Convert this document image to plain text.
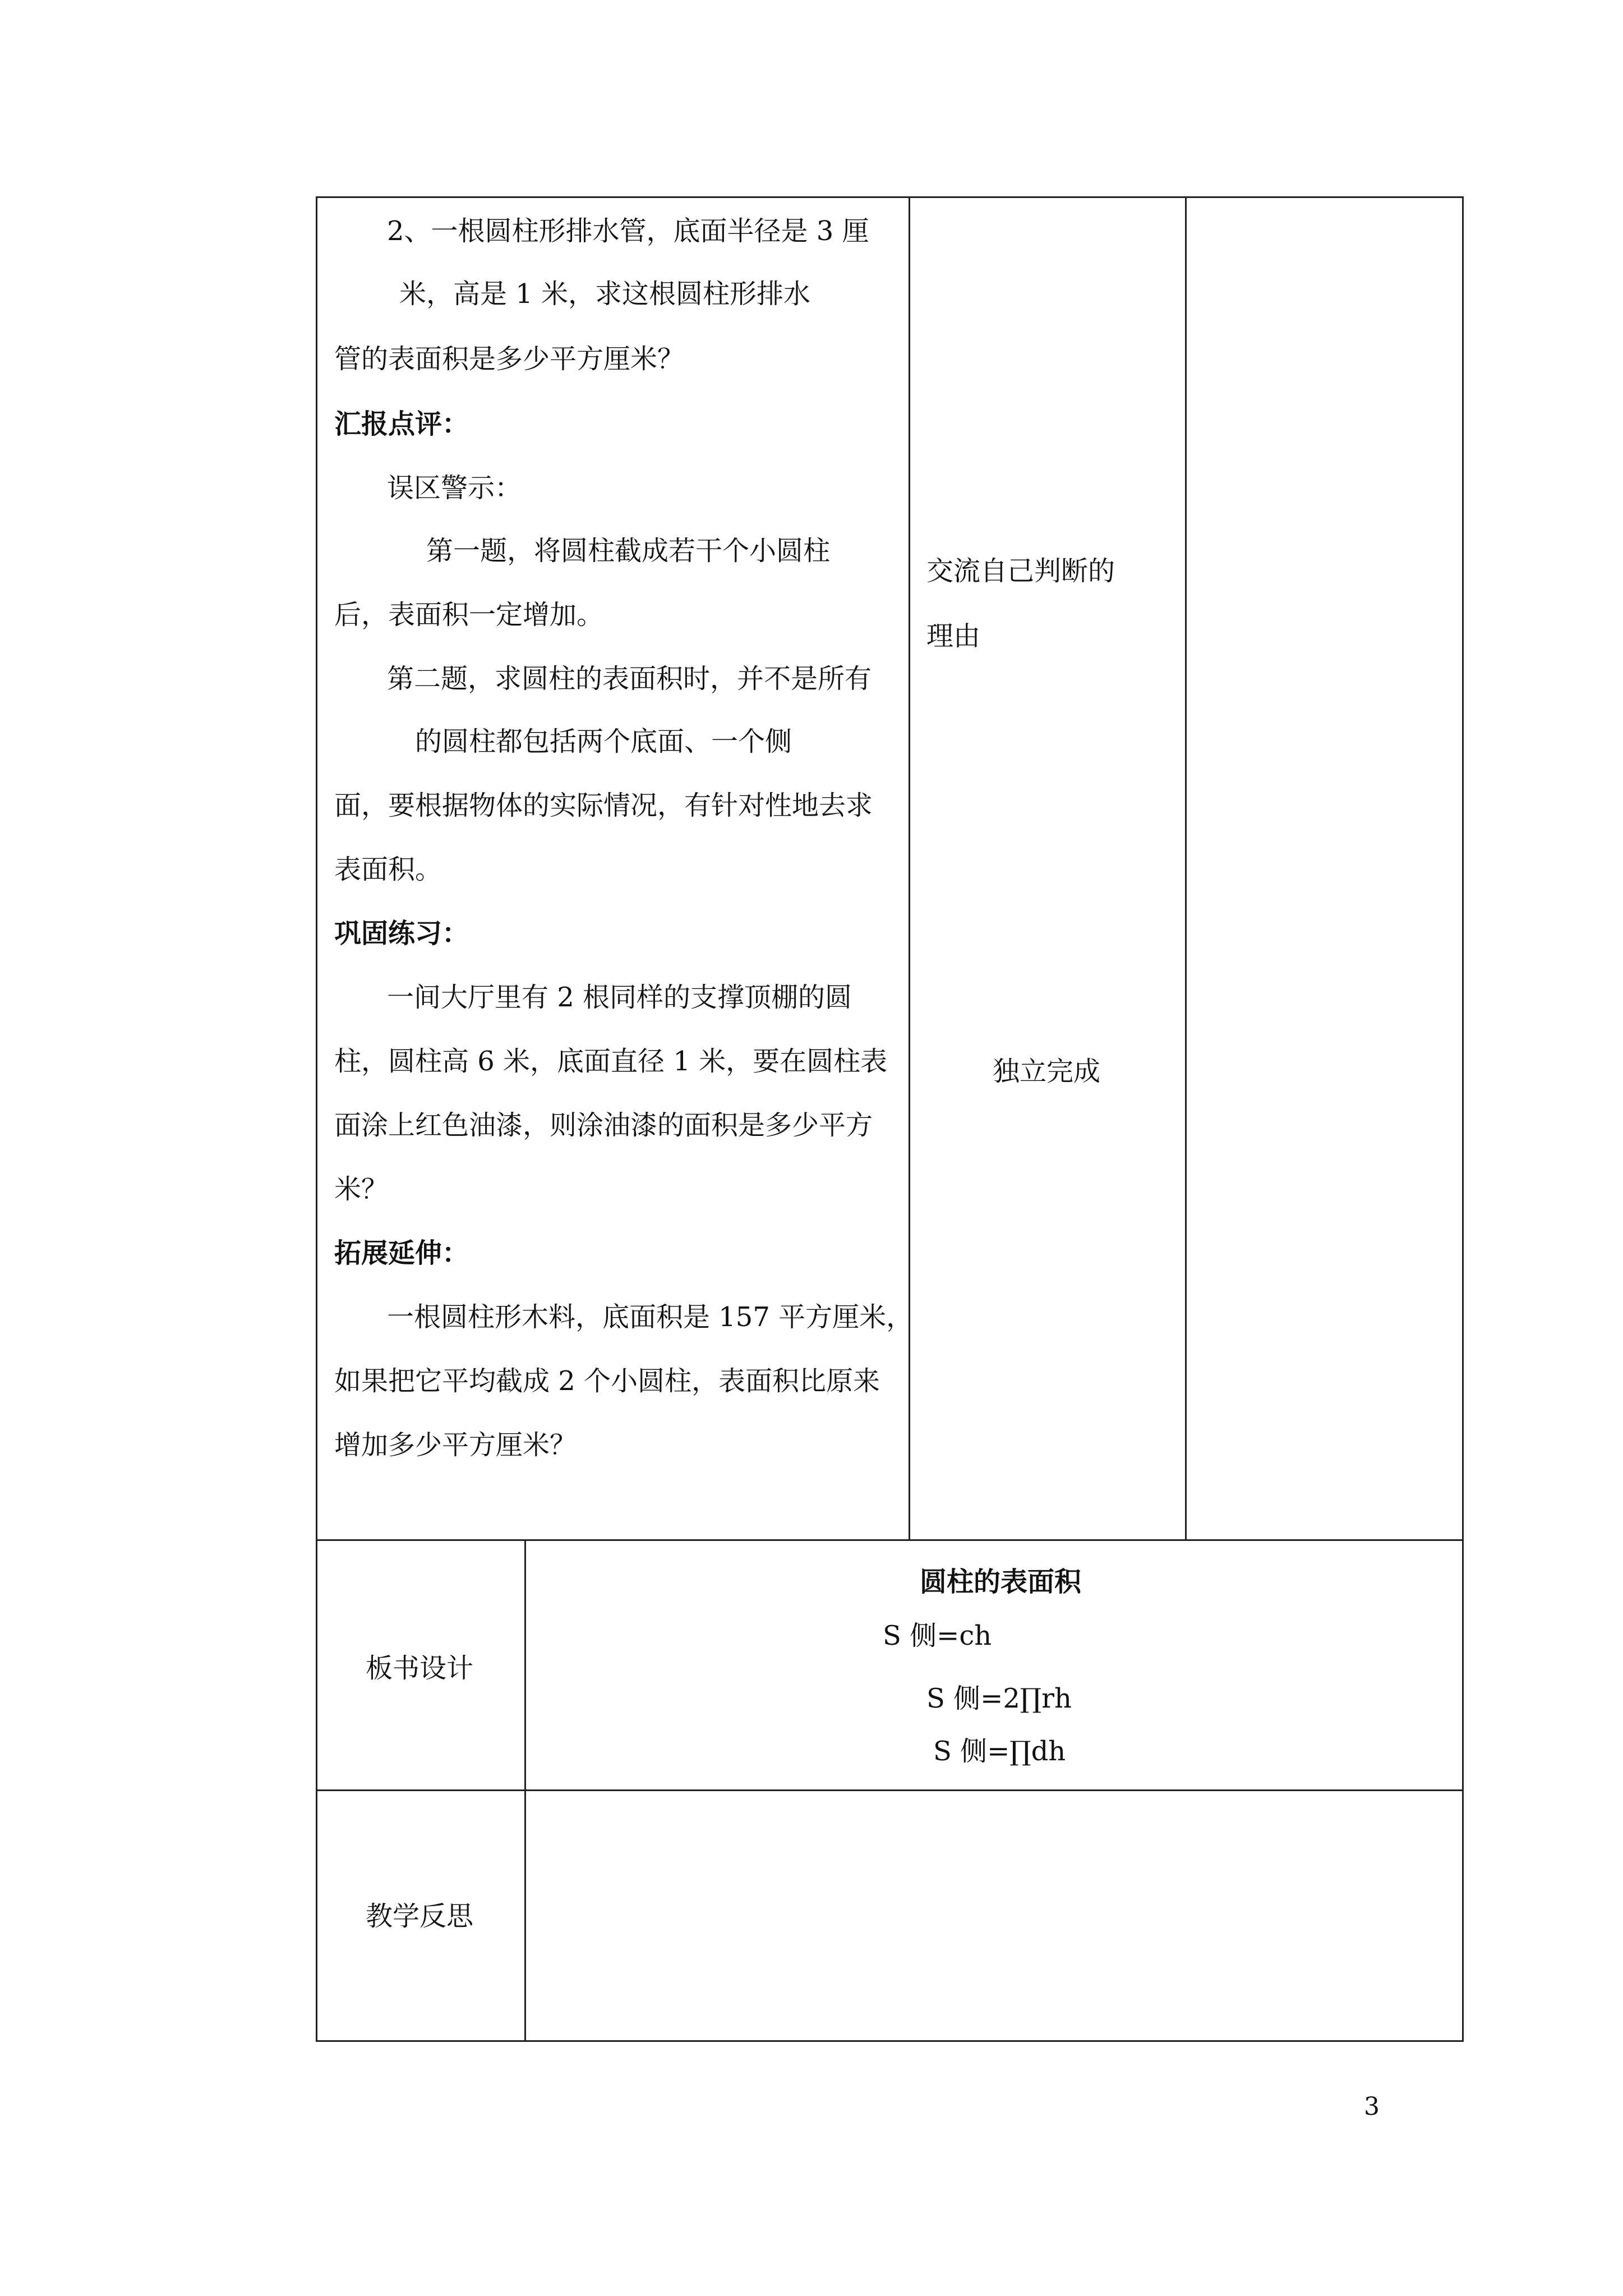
2、一根圆柱形排水管，底面半径是 3 厘
米，高是 1 米，求这根圆柱形排水
管的表面积是多少平方厘米？
汇报点评：
误区警示：
第一题，将圆柱截成若干个小圆柱
后，表面积一定增加。
第二题，求圆柱的表面积时，并不是所有
的圆柱都包括两个底面、一个侧
面，要根据物体的实际情况，有针对性地去求
表面积。
巩固练习：
一间大厅里有 2 根同样的支撑顶棚的圆
柱，圆柱高 6 米，底面直径 1 米，要在圆柱表
面涂上红色油漆，则涂油漆的面积是多少平方
米？
拓展延伸：
一根圆柱形木料，底面积是 157 平方厘米，
如果把它平均截成 2 个小圆柱，表面积比原来
增加多少平方厘米？
交流自己判断的
理由
独立完成
板书设计
圆柱的表面积
S 侧=ch
S 侧=2∏rh
S 侧=∏dh
教学反思
3
